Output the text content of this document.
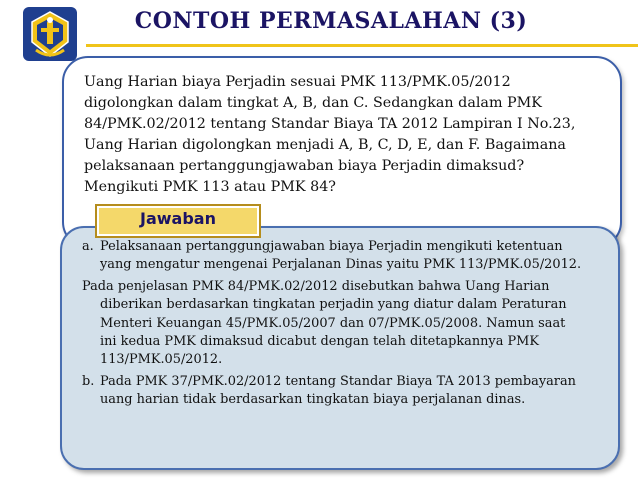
CONTOH PERMASALAHAN (3)
Uang Harian biaya Perjadin sesuai PMK 113/PMK.05/2012 digolongkan dalam tingkat A, B, dan C. Sedangkan dalam PMK 84/PMK.02/2012 tentang Standar Biaya TA 2012 Lampiran I No.23, Uang Harian digolongkan menjadi A, B, C, D, E, dan F. Bagaimana pelaksanaan pertanggungjawaban biaya Perjadin dimaksud? Mengikuti PMK 113 atau PMK 84?
Jawaban
a. Pelaksanaan pertanggungjawaban biaya Perjadin mengikuti ketentuan yang mengatur mengenai Perjalanan Dinas yaitu PMK 113/PMK.05/2012.
Pada penjelasan PMK 84/PMK.02/2012 disebutkan bahwa Uang Harian diberikan berdasarkan tingkatan perjadin yang diatur dalam Peraturan Menteri Keuangan 45/PMK.05/2007 dan 07/PMK.05/2008. Namun saat ini kedua PMK dimaksud dicabut dengan telah ditetapkannya PMK 113/PMK.05/2012.
b. Pada PMK 37/PMK.02/2012 tentang Standar Biaya TA 2013 pembayaran uang harian tidak berdasarkan tingkatan biaya perjalanan dinas.
